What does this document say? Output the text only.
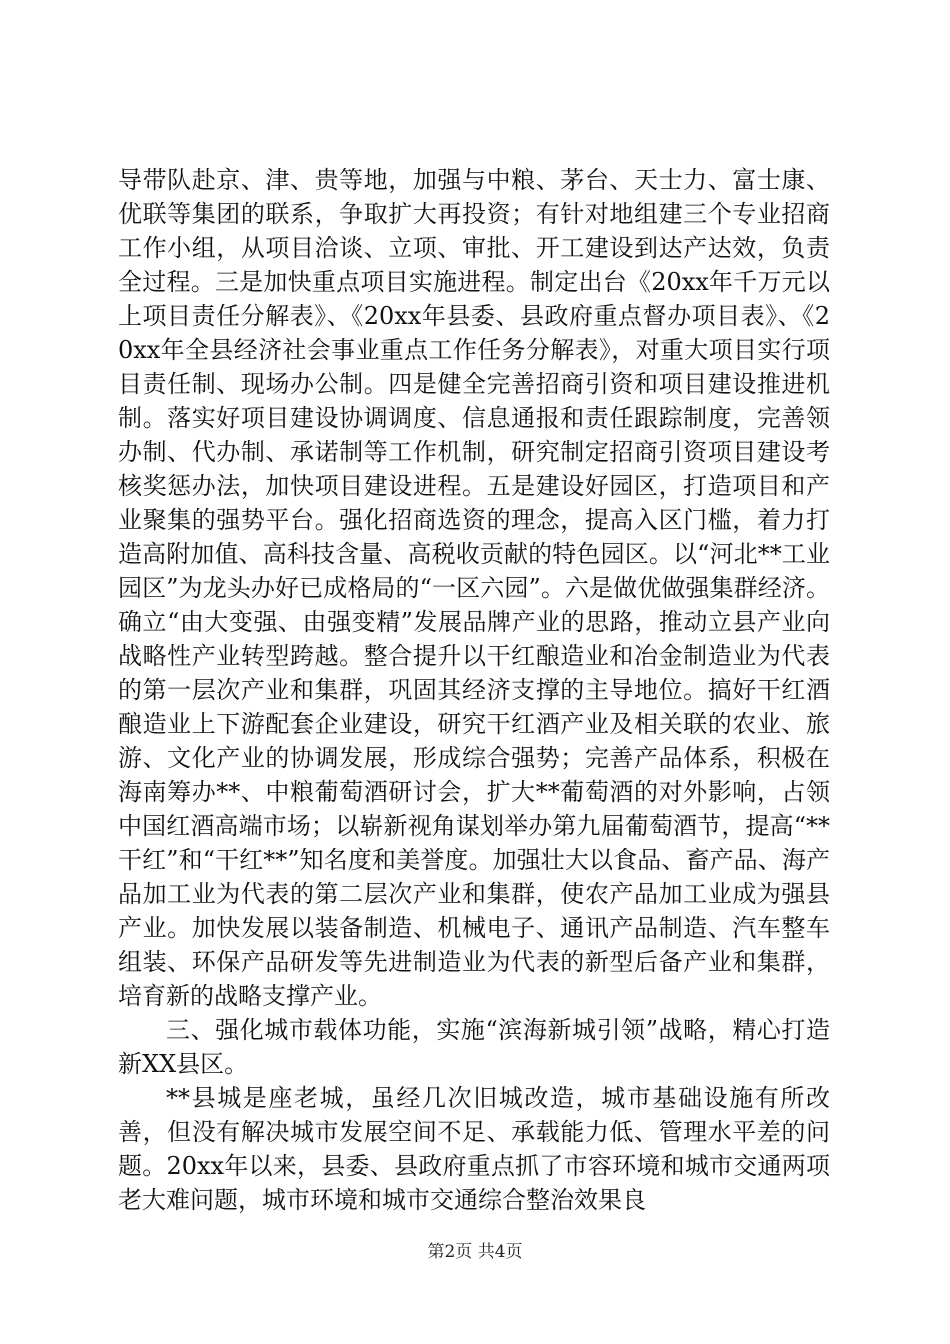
导带队赴京、津、贵等地，加强与中粮、茅台、天士力、富士康、优联等集团的联系，争取扩大再投资；有针对地组建三个专业招商工作小组，从项目洽谈、立项、审批、开工建设到达产达效，负责全过程。三是加快重点项目实施进程。制定出台《20xx年千万元以上项目责任分解表》、《20xx年县委、县政府重点督办项目表》、《20xx年全县经济社会事业重点工作任务分解表》，对重大项目实行项目责任制、现场办公制。四是健全完善招商引资和项目建设推进机制。落实好项目建设协调调度、信息通报和责任跟踪制度，完善领办制、代办制、承诺制等工作机制，研究制定招商引资项目建设考核奖惩办法，加快项目建设进程。五是建设好园区，打造项目和产业聚集的强势平台。强化招商选资的理念，提高入区门槛，着力打造高附加值、高科技含量、高税收贡献的特色园区。以“河北**工业园区”为龙头办好已成格局的“一区六园”。六是做优做强集群经济。确立“由大变强、由强变精”发展品牌产业的思路，推动立县产业向战略性产业转型跨越。整合提升以干红酿造业和冶金制造业为代表的第一层次产业和集群，巩固其经济支撑的主导地位。搞好干红酒酿造业上下游配套企业建设，研究干红酒产业及相关联的农业、旅游、文化产业的协调发展，形成综合强势；完善产品体系，积极在海南筹办**、中粮葡萄酒研讨会，扩大**葡萄酒的对外影响，占领中国红酒高端市场；以崭新视角谋划举办第九届葡萄酒节，提高“**干红”和“干红**”知名度和美誉度。加强壮大以食品、畜产品、海产品加工业为代表的第二层次产业和集群，使农产品加工业成为强县产业。加快发展以装备制造、机械电子、通讯产品制造、汽车整车组装、环保产品研发等先进制造业为代表的新型后备产业和集群，培育新的战略支撑产业。

三、强化城市载体功能，实施“滨海新城引领”战略，精心打造新XX县区。

**县城是座老城，虽经几次旧城改造，城市基础设施有所改善，但没有解决城市发展空间不足、承载能力低、管理水平差的问题。20xx年以来，县委、县政府重点抓了市容环境和城市交通两项老大难问题，城市环境和城市交通综合整治效果良

第2页 共4页
